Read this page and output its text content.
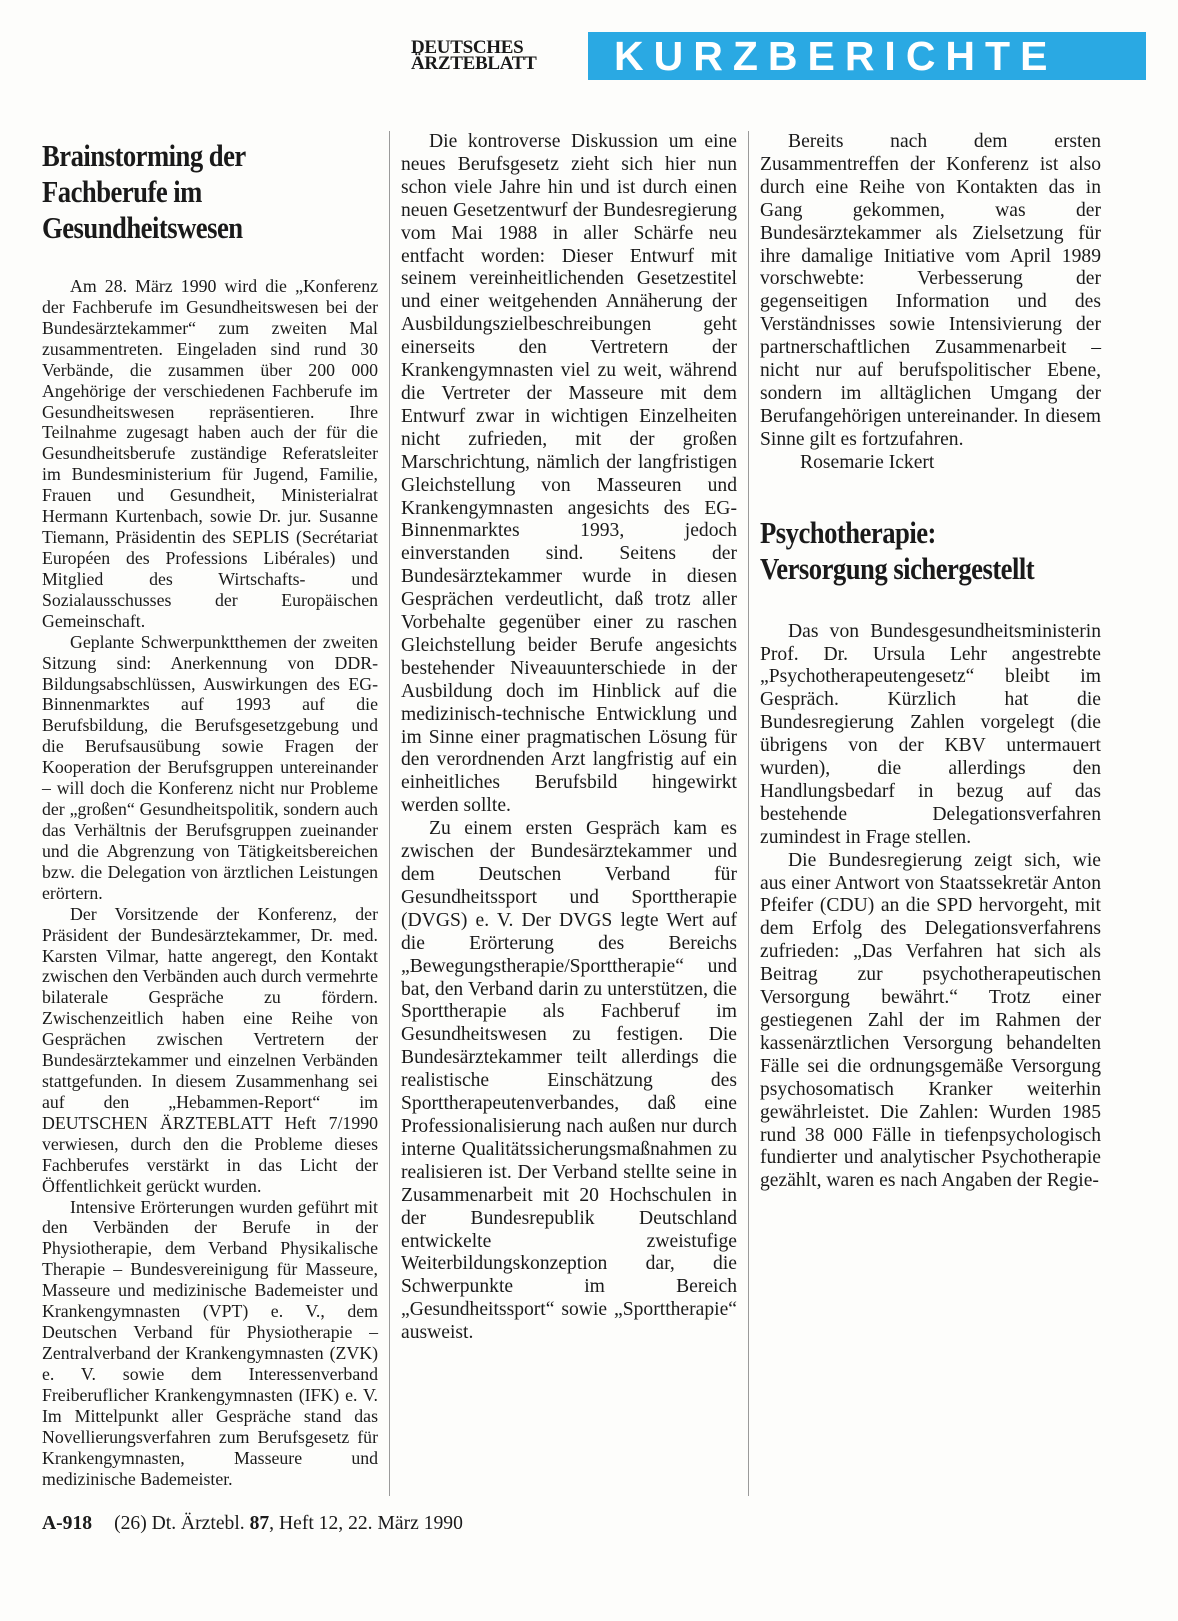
DEUTSCHES
ÄRZTEBLATT	KURZBERICHTE
Brainstorming der
Fachberufe im
Gesundheitswesen

Am 28. März 1990 wird die „Konferenz der Fachberufe im Gesundheitswesen bei der Bundesärztekammer“ zum zweiten Mal zusammentreten. Eingeladen sind rund 30 Verbände, die zusammen über 200 000 Angehörige der verschiedenen Fachberufe im Gesundheitswesen repräsentieren. Ihre Teilnahme zugesagt haben auch der für die Gesundheitsberufe zuständige Referatsleiter im Bundesministerium für Jugend, Familie, Frauen und Gesundheit, Ministerialrat Hermann Kurtenbach, sowie Dr. jur. Susanne Tiemann, Präsidentin des SEPLIS (Secrétariat Européen des Professions Libérales) und Mitglied des Wirtschafts- und Sozialausschusses der Europäischen Gemeinschaft.

Geplante Schwerpunktthemen der zweiten Sitzung sind: Anerkennung von DDR-Bildungsabschlüssen, Auswirkungen des EG-Binnenmarktes auf 1993 auf die Berufsbildung, die Berufsgesetzgebung und die Berufsausübung sowie Fragen der Kooperation der Berufsgruppen untereinander – will doch die Konferenz nicht nur Probleme der „großen“ Gesundheitspolitik, sondern auch das Verhältnis der Berufsgruppen zueinander und die Abgrenzung von Tätigkeitsbereichen bzw. die Delegation von ärztlichen Leistungen erörtern.

Der Vorsitzende der Konferenz, der Präsident der Bundesärztekammer, Dr. med. Karsten Vilmar, hatte angeregt, den Kontakt zwischen den Verbänden auch durch vermehrte bilaterale Gespräche zu fördern. Zwischenzeitlich haben eine Reihe von Gesprächen zwischen Vertretern der Bundesärztekammer und einzelnen Verbänden stattgefunden. In diesem Zusammenhang sei auf den „Hebammen-Report“ im DEUTSCHEN ÄRZTEBLATT Heft 7/1990 verwiesen, durch den die Probleme dieses Fachberufes verstärkt in das Licht der Öffentlichkeit gerückt wurden.

Intensive Erörterungen wurden geführt mit den Verbänden der Berufe in der Physiotherapie, dem Verband Physikalische Therapie – Bundesvereinigung für Masseure, Masseure und medizinische Bademeister und Krankengymnasten (VPT) e. V., dem Deutschen Verband für Physiotherapie – Zentralverband der Krankengymnasten (ZVK) e. V. sowie dem Interessenverband Freiberuflicher Krankengymnasten (IFK) e. V. Im Mittelpunkt aller Gespräche stand das Novellierungsverfahren zum Berufsgesetz für Krankengymnasten, Masseure und medizinische Bademeister.

Die kontroverse Diskussion um eine neues Berufsgesetz zieht sich hier nun schon viele Jahre hin und ist durch einen neuen Gesetzentwurf der Bundesregierung vom Mai 1988 in aller Schärfe neu entfacht worden: Dieser Entwurf mit seinem vereinheitlichenden Gesetzestitel und einer weitgehenden Annäherung der Ausbildungszielbeschreibungen geht einerseits den Vertretern der Krankengymnasten viel zu weit, während die Vertreter der Masseure mit dem Entwurf zwar in wichtigen Einzelheiten nicht zufrieden, mit der großen Marschrichtung, nämlich der langfristigen Gleichstellung von Masseuren und Krankengymnasten angesichts des EG-Binnenmarktes 1993, jedoch einverstanden sind. Seitens der Bundesärztekammer wurde in diesen Gesprächen verdeutlicht, daß trotz aller Vorbehalte gegenüber einer zu raschen Gleichstellung beider Berufe angesichts bestehender Niveauunterschiede in der Ausbildung doch im Hinblick auf die medizinisch-technische Entwicklung und im Sinne einer pragmatischen Lösung für den verordnenden Arzt langfristig auf ein einheitliches Berufsbild hingewirkt werden sollte.

Zu einem ersten Gespräch kam es zwischen der Bundesärztekammer und dem Deutschen Verband für Gesundheitssport und Sporttherapie (DVGS) e. V. Der DVGS legte Wert auf die Erörterung des Bereichs „Bewegungstherapie/Sporttherapie“ und bat, den Verband darin zu unterstützen, die Sporttherapie als Fachberuf im Gesundheitswesen zu festigen. Die Bundesärztekammer teilt allerdings die realistische Einschätzung des Sporttherapeutenverbandes, daß eine Professionalisierung nach außen nur durch interne Qualitätssicherungsmaßnahmen zu realisieren ist. Der Verband stellte seine in Zusammenarbeit mit 20 Hochschulen in der Bundesrepublik Deutschland entwickelte zweistufige Weiterbildungskonzeption dar, die Schwerpunkte im Bereich „Gesundheitssport“ sowie „Sporttherapie“ ausweist.

Bereits nach dem ersten Zusammentreffen der Konferenz ist also durch eine Reihe von Kontakten das in Gang gekommen, was der Bundesärztekammer als Zielsetzung für ihre damalige Initiative vom April 1989 vorschwebte: Verbesserung der gegenseitigen Information und des Verständnisses sowie Intensivierung der partnerschaftlichen Zusammenarbeit – nicht nur auf berufspolitischer Ebene, sondern im alltäglichen Umgang der Berufangehörigen untereinander. In diesem Sinne gilt es fortzufahren.

Rosemarie Ickert

Psychotherapie:
Versorgung sichergestellt

Das von Bundesgesundheitsministerin Prof. Dr. Ursula Lehr angestrebte „Psychotherapeutengesetz“ bleibt im Gespräch. Kürzlich hat die Bundesregierung Zahlen vorgelegt (die übrigens von der KBV untermauert wurden), die allerdings den Handlungsbedarf in bezug auf das bestehende Delegationsverfahren zumindest in Frage stellen.

Die Bundesregierung zeigt sich, wie aus einer Antwort von Staatssekretär Anton Pfeifer (CDU) an die SPD hervorgeht, mit dem Erfolg des Delegationsverfahrens zufrieden: „Das Verfahren hat sich als Beitrag zur psychotherapeutischen Versorgung bewährt.“ Trotz einer gestiegenen Zahl der im Rahmen der kassenärztlichen Versorgung behandelten Fälle sei die ordnungsgemäße Versorgung psychosomatisch Kranker weiterhin gewährleistet. Die Zahlen: Wurden 1985 rund 38 000 Fälle in tiefenpsychologisch fundierter und analytischer Psychotherapie gezählt, waren es nach Angaben der Regie-

A-918 (26) Dt. Ärztebl. 87, Heft 12, 22. März 1990
